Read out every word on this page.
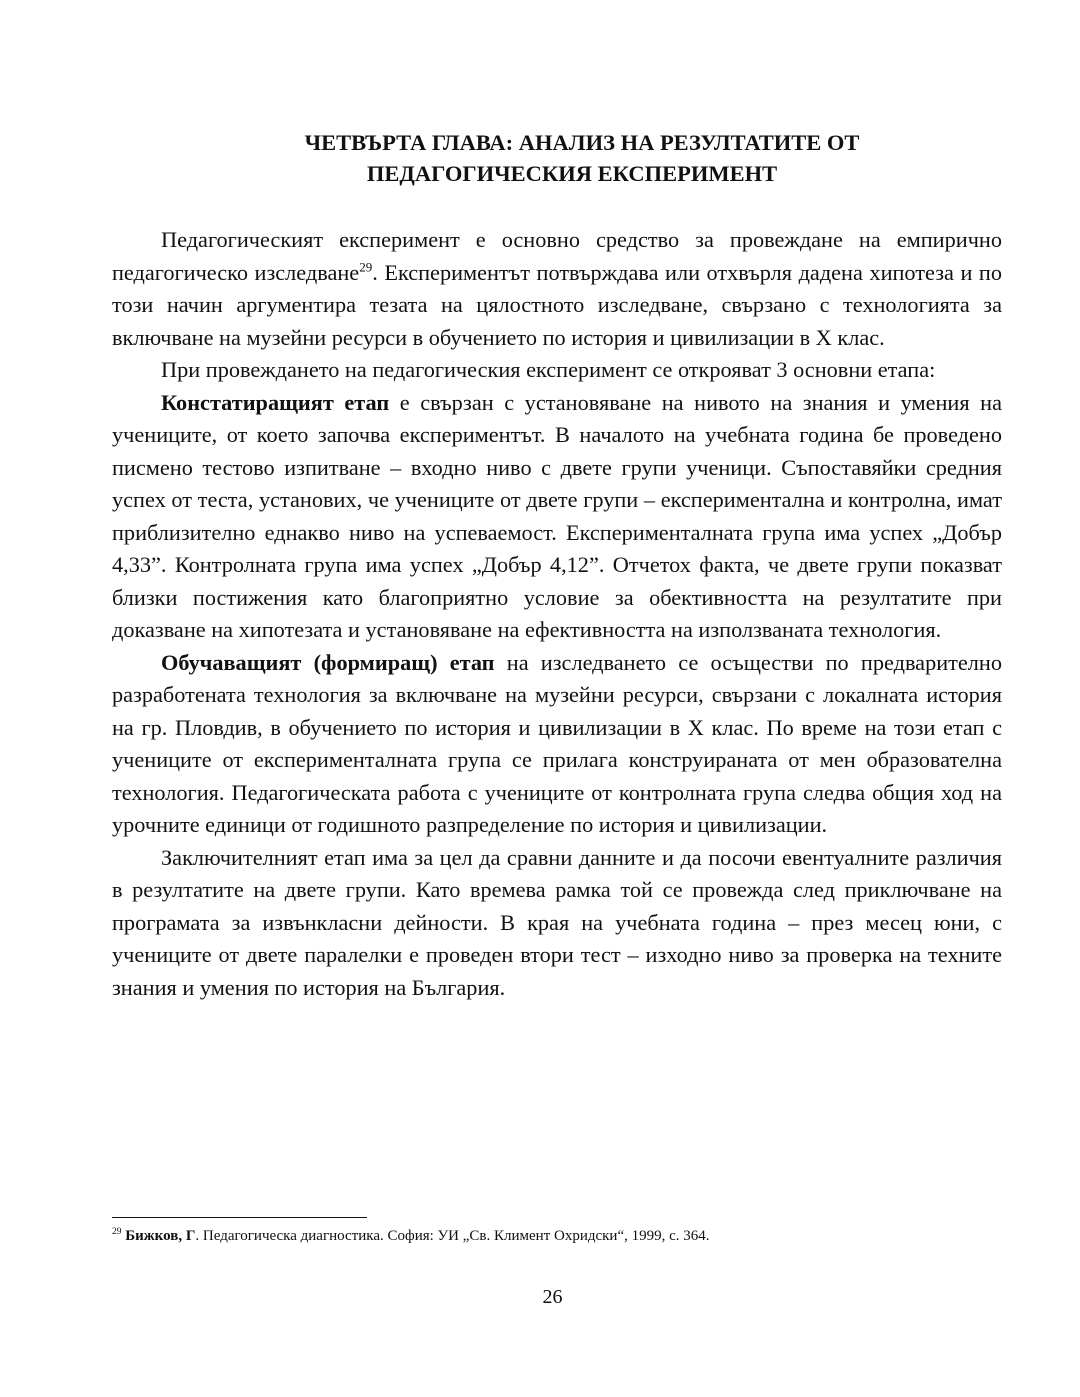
ЧЕТВЪРТА ГЛАВА: АНАЛИЗ НА РЕЗУЛТАТИТЕ ОТ
ПЕДАГОГИЧЕСКИЯ ЕКСПЕРИМЕНТ

Педагогическият експеримент е основно средство за провеждане на емпирично педагогическо изследване$^{29}$. Експериментът потвърждава или отхвърля дадена хипотеза и по този начин аргументира тезата на цялостното изследване, свързано с технологията за включване на музейни ресурси в обучението по история и цивилизации в X клас.

При провеждането на педагогическия експеримент се открояват 3 основни етапа:

Констатиращият етап е свързан с установяване на нивото на знания и умения на учениците, от което започва експериментът. В началото на учебната година бе проведено писмено тестово изпитване – входно ниво с двете групи ученици. Съпоставяйки средния успех от теста, установих, че учениците от двете групи – експериментална и контролна, имат приблизително еднакво ниво на успеваемост. Експерименталната група има успех „Добър 4,33”. Контролната група има успех „Добър 4,12”. Отчетох факта, че двете групи показват близки постижения като благоприятно условие за обективността на резултатите при доказване на хипотезата и установяване на ефективността на използваната технология.

Обучаващият (формиращ) етап на изследването се осъществи по предварително разработената технология за включване на музейни ресурси, свързани с локалната история на гр. Пловдив, в обучението по история и цивилизации в X клас. По време на този етап с учениците от експерименталната група се прилага конструираната от мен образователна технология. Педагогическата работа с учениците от контролната група следва общия ход на урочните единици от годишното разпределение по история и цивилизации.

Заключителният етап има за цел да сравни данните и да посочи евентуалните различия в резултатите на двете групи. Като времева рамка той се провежда след приключване на програмата за извънкласни дейности. В края на учебната година – през месец юни, с учениците от двете паралелки е проведен втори тест – изходно ниво за проверка на техните знания и умения по история на България.

$^{29}$ Бижков, Г. Педагогическа диагностика. София: УИ „Св. Климент Охридски“, 1999, с. 364.

26
